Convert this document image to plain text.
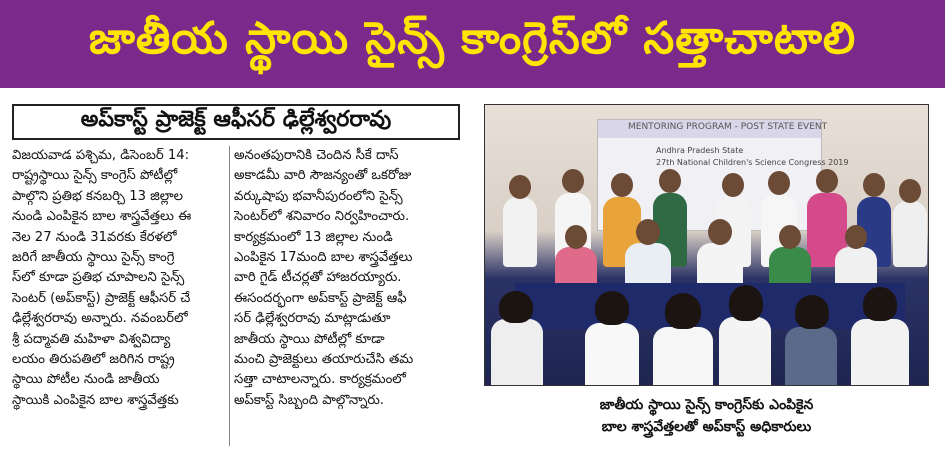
జాతీయ స్థాయి సైన్స్ కాంగ్రెస్‌లో సత్తాచాటాలి
అప్‌కాస్ట్ ప్రాజెక్ట్ ఆఫీసర్ ఢిల్లేశ్వరరావు
విజయవాడ పశ్చిమ, డిసెంబర్ 14:
రాష్ట్రస్థాయి సైన్స్ కాంగ్రెస్ పోటీల్లో
పాల్గొని ప్రతిభ కనబర్చి 13 జిల్లాల
నుండి ఎంపికైన బాల శాస్త్రవేత్తలు ఈ
నెల 27 నుండి 31వరకు కేరళలో
జరిగే జాతీయ స్థాయి సైన్స్ కాంగ్రె
స్‌లో కూడా ప్రతిభ చూపాలని సైన్స్
సెంటర్ (అప్‌కాస్ట్) ప్రాజెక్ట్ ఆఫీసర్ చే
ఢిల్లేశ్వరరావు అన్నారు. నవంబర్‌లో
శ్రీ పద్మావతి మహిళా విశ్వవిద్యా
లయం తిరుపతిలో జరిగిన రాష్ట్ర
స్థాయి పోటీల నుండి జాతీయ
స్థాయికి ఎంపికైన బాల శాస్త్రవేత్తకు
అనంతపురానికి చెందిన సీకే దాస్
అకాడమీ వారి సౌజన్యంతో ఒకరోజు
వర్కుషాపు భవానీపురంలోని సైన్స్
సెంటర్‌లో శనివారం నిర్వహించారు.
కార్యక్రమంలో 13 జిల్లాల నుండి
ఎంపికైన 17మంది బాల శాస్త్రవేత్తలు
వారి గైడ్ టీచర్లతో హాజరయ్యారు.
ఈసందర్భంగా అప్‌కాస్ట్ ప్రాజెక్ట్ ఆఫీ
సర్ ఢిల్లేశ్వరరావు మాట్లాడుతూ
జాతీయ స్థాయి పోటీల్లో కూడా
మంచి ప్రాజెక్టులు తయారుచేసి తమ
సత్తా చాటాలన్నారు. కార్యక్రమంలో
అప్‌కాస్ట్ సిబ్బంది పాల్గొన్నారు.
MENTORING PROGRAM - POST STATE EVENT
Andhra Pradesh State
27th National Children's Science Congress 2019
జాతీయ స్థాయి సైన్స్ కాంగ్రెస్‌కు ఎంపికైన
బాల శాస్త్రవేత్తలతో అప్‌కాస్ట్ అధికారులు
